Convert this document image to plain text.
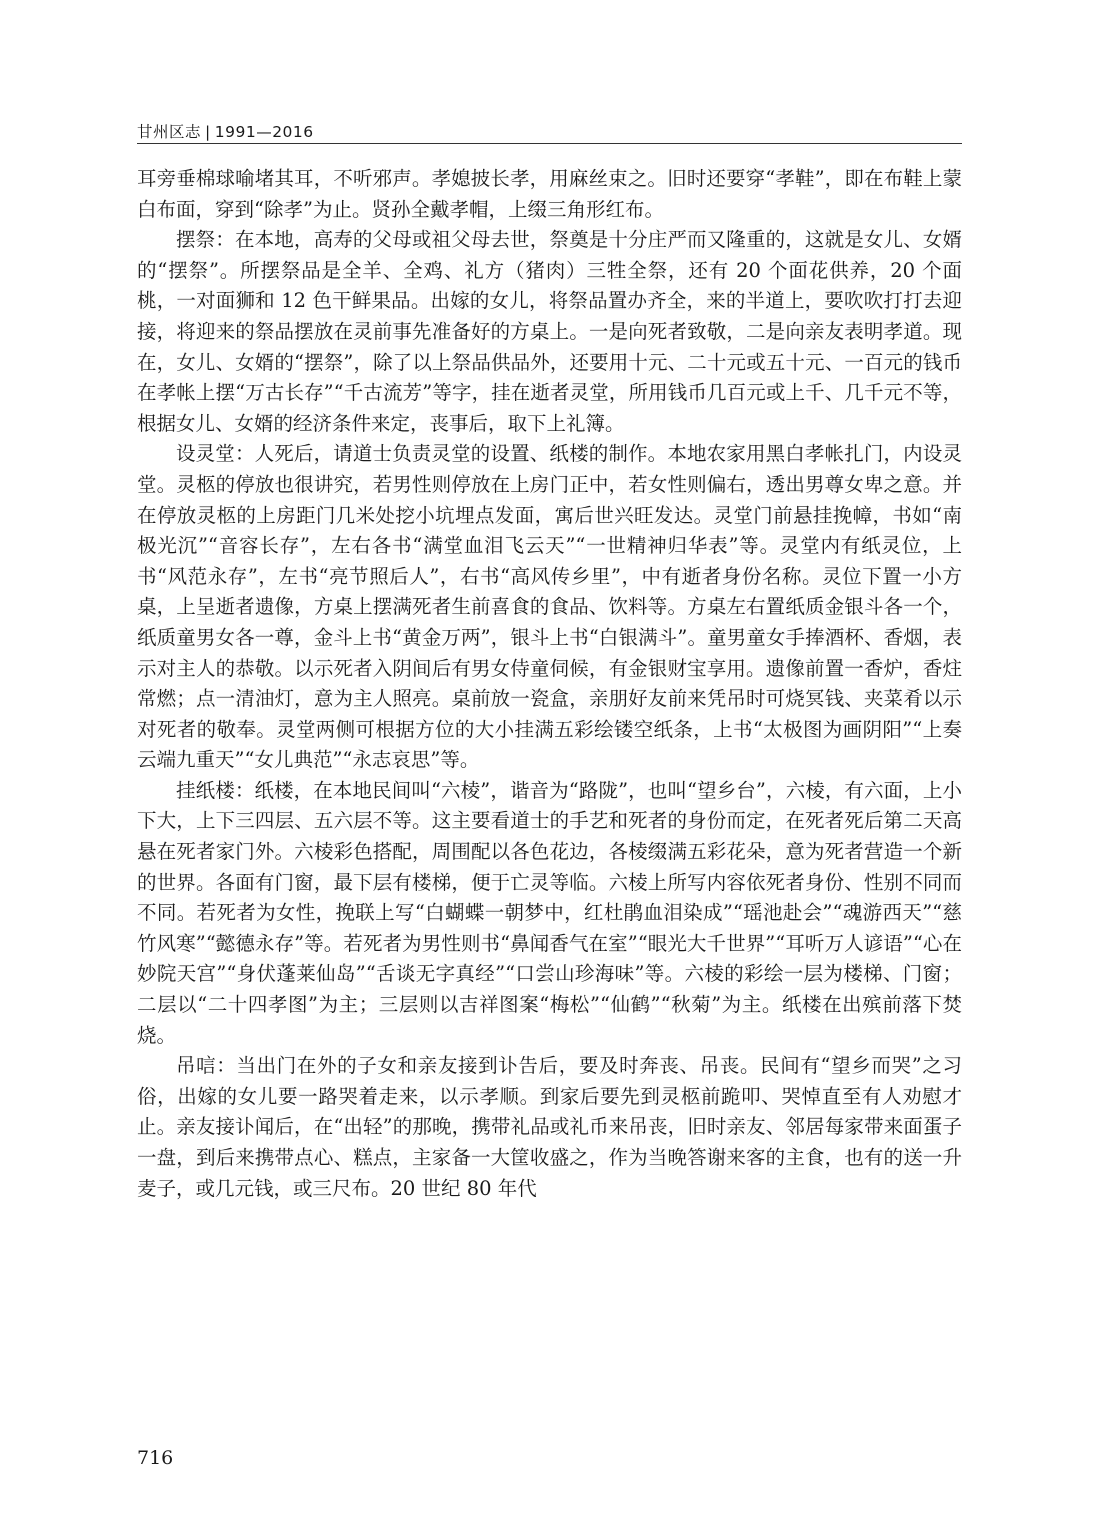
甘州区志 | 1991—2016

耳旁垂棉球喻堵其耳，不听邪声。孝媳披长孝，用麻丝束之。旧时还要穿“孝鞋”，即在布鞋上蒙白布面，穿到“除孝”为止。贤孙全戴孝帽，上缀三角形红布。

摆祭：在本地，高寿的父母或祖父母去世，祭奠是十分庄严而又隆重的，这就是女儿、女婿的“摆祭”。所摆祭品是全羊、全鸡、礼方（猪肉）三牲全祭，还有 20 个面花供养，20 个面桃，一对面狮和 12 色干鲜果品。出嫁的女儿，将祭品置办齐全，来的半道上，要吹吹打打去迎接，将迎来的祭品摆放在灵前事先准备好的方桌上。一是向死者致敬，二是向亲友表明孝道。现在，女儿、女婿的“摆祭”，除了以上祭品供品外，还要用十元、二十元或五十元、一百元的钱币在孝帐上摆“万古长存”“千古流芳”等字，挂在逝者灵堂，所用钱币几百元或上千、几千元不等，根据女儿、女婿的经济条件来定，丧事后，取下上礼簿。

设灵堂：人死后，请道士负责灵堂的设置、纸楼的制作。本地农家用黑白孝帐扎门，内设灵堂。灵柩的停放也很讲究，若男性则停放在上房门正中，若女性则偏右，透出男尊女卑之意。并在停放灵柩的上房距门几米处挖小坑埋点发面，寓后世兴旺发达。灵堂门前悬挂挽幛，书如“南极光沉”“音容长存”，左右各书“满堂血泪飞云天”“一世精神归华表”等。灵堂内有纸灵位，上书“风范永存”，左书“亮节照后人”，右书“高风传乡里”，中有逝者身份名称。灵位下置一小方桌，上呈逝者遗像，方桌上摆满死者生前喜食的食品、饮料等。方桌左右置纸质金银斗各一个，纸质童男女各一尊，金斗上书“黄金万两”，银斗上书“白银满斗”。童男童女手捧酒杯、香烟，表示对主人的恭敬。以示死者入阴间后有男女侍童伺候，有金银财宝享用。遗像前置一香炉，香炷常燃；点一清油灯，意为主人照亮。桌前放一瓷盒，亲朋好友前来凭吊时可烧冥钱、夹菜肴以示对死者的敬奉。灵堂两侧可根据方位的大小挂满五彩绘镂空纸条，上书“太极图为画阴阳”“上奏云端九重天”“女儿典范”“永志哀思”等。

挂纸楼：纸楼，在本地民间叫“六棱”，谐音为“路陇”，也叫“望乡台”，六棱，有六面，上小下大，上下三四层、五六层不等。这主要看道士的手艺和死者的身份而定，在死者死后第二天高悬在死者家门外。六棱彩色搭配，周围配以各色花边，各棱缀满五彩花朵，意为死者营造一个新的世界。各面有门窗，最下层有楼梯，便于亡灵等临。六棱上所写内容依死者身份、性别不同而不同。若死者为女性，挽联上写“白蝴蝶一朝梦中，红杜鹃血泪染成”“瑶池赴会”“魂游西天”“慈竹风寒”“懿德永存”等。若死者为男性则书“鼻闻香气在室”“眼光大千世界”“耳听万人谚语”“心在妙院天宫”“身伏蓬莱仙岛”“舌谈无字真经”“口尝山珍海味”等。六棱的彩绘一层为楼梯、门窗；二层以“二十四孝图”为主；三层则以吉祥图案“梅松”“仙鹤”“秋菊”为主。纸楼在出殡前落下焚烧。

吊唁：当出门在外的子女和亲友接到讣告后，要及时奔丧、吊丧。民间有“望乡而哭”之习俗，出嫁的女儿要一路哭着走来，以示孝顺。到家后要先到灵柩前跪叩、哭悼直至有人劝慰才止。亲友接讣闻后，在“出轻”的那晚，携带礼品或礼币来吊丧，旧时亲友、邻居每家带来面蛋子一盘，到后来携带点心、糕点，主家备一大筐收盛之，作为当晚答谢来客的主食，也有的送一升麦子，或几元钱，或三尺布。20 世纪 80 年代

716
